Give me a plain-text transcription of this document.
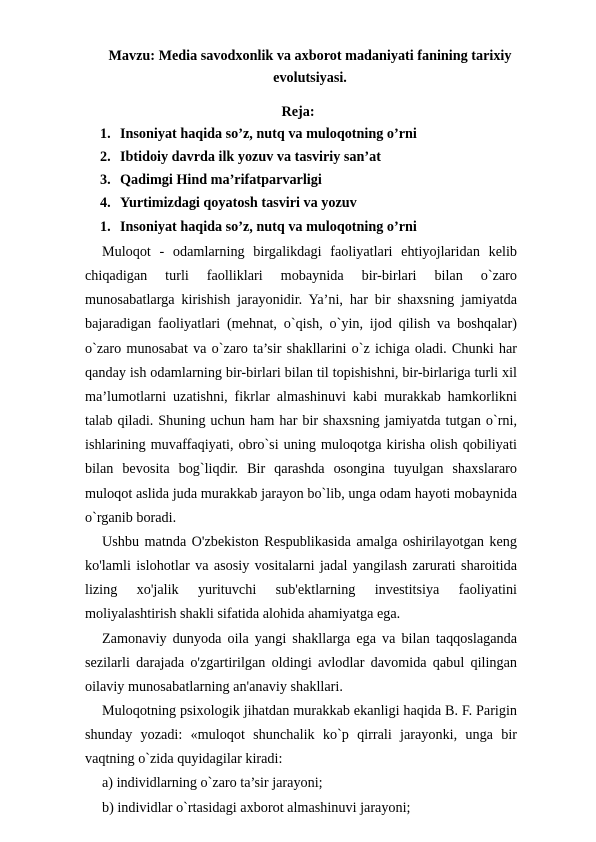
Mavzu: Media savodxonlik va axborot madaniyati fanining tarixiy evolutsiyasi.
Reja:
1. Insoniyat haqida so’z, nutq va muloqotning o’rni
2. Ibtidoiy davrda ilk yozuv va tasviriy san’at
3. Qadimgi Hind ma’rifatparvarligi
4. Yurtimizdagi qoyatosh tasviri va yozuv
1. Insoniyat haqida so’z, nutq va muloqotning o’rni

Muloqot - odamlarning birgalikdagi faoliyatlari ehtiyojlaridan kelib chiqadigan turli faolliklari mobaynida bir-birlari bilan o`zaro munosabatlarga kirishish jarayonidir. Ya’ni, har bir shaxsning jamiyatda bajaradigan faoliyatlari (mehnat, o`qish, o`yin, ijod qilish va boshqalar) o`zaro munosabat va o`zaro ta’sir shakllarini o`z ichiga oladi. Chunki har qanday ish odamlarning bir-birlari bilan til topishishni, bir-birlariga turli xil ma’lumotlarni uzatishni, fikrlar almashinuvi kabi murakkab hamkorlikni talab qiladi. Shuning uchun ham har bir shaxsning jamiyatda tutgan o`rni, ishlarining muvaffaqiyati, obro`si uning muloqotga kirisha olish qobiliyati bilan bevosita bog`liqdir. Bir qarashda osongina tuyulgan shaxslararo muloqot aslida juda murakkab jarayon bo`lib, unga odam hayoti mobaynida o`rganib boradi.

Ushbu matnda O'zbekiston Respublikasida amalga oshirilayotgan keng ko'lamli islohotlar va asosiy vositalarni jadal yangilash zarurati sharoitida lizing xo'jalik yurituvchi sub'ektlarning investitsiya faoliyatini moliyalashtirish shakli sifatida alohida ahamiyatga ega.

Zamonaviy dunyoda oila yangi shakllarga ega va bilan taqqoslaganda sezilarli darajada o'zgartirilgan oldingi avlodlar davomida qabul qilingan oilaviy munosabatlarning an'anaviy shakllari.

Muloqotning psixologik jihatdan murakkab ekanligi haqida B. F. Parigin shunday yozadi: «muloqot shunchalik ko`p qirrali jarayonki, unga bir vaqtning o`zida quyidagilar kiradi:

a) individlarning o`zaro ta’sir jarayoni;

b) individlar o`rtasidagi axborot almashinuvi jarayoni;
